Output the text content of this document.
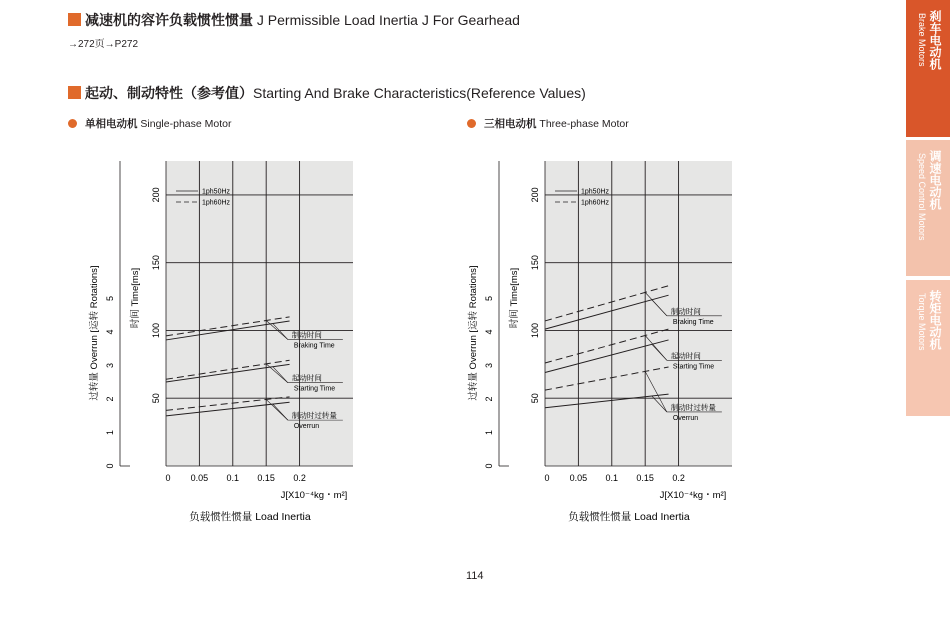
减速机的容许负载惯性惯量 J Permissible Load Inertia J For Gearhead
→272页→P272
起动、制动特性（参考值）Starting And Brake Characteristics(Reference Values)
单相电动机 Single-phase Motor	三相电动机 Three-phase Motor
0 0.05 0.1 0.15 0.2
50
100
150
200
0
1
2
3
4
5 时间 Time[ms]
过转量 Overrun [运转 Rotations]
J[X10⁻⁴kg・m²]
负载惯性惯量 Load Inertia
1ph50Hz
1ph60Hz
制动时间
Braking Time
起动时间
Starting Time
制动时过转量
Overrun
0 0.05 0.1 0.15 0.2
50
100
150
200
0
1
2
3
4
5 时间 Time[ms]
过转量 Overrun [运转 Rotations]
J[X10⁻⁴kg・m²]
负载惯性惯量 Load Inertia
1ph50Hz
1ph60Hz
制动时间
Braking Time
起动时间
Starting Time
制动时过转量
Overrun
114
刹车电动机
Brake Motors
调速电动机
Speed Control Motors
转矩电动机
Torque Motors
